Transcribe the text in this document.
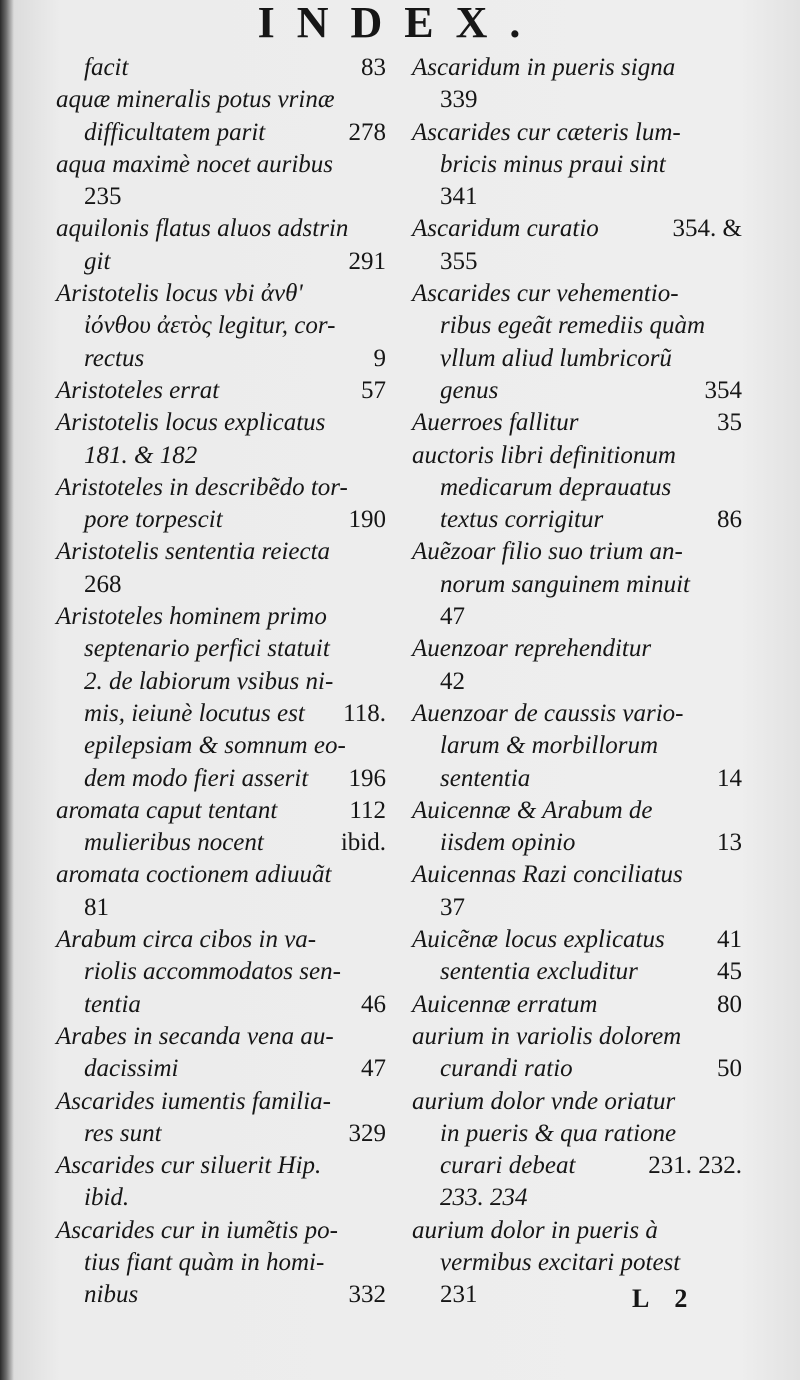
INDEX.
facit	83
aquæ mineralis potus vrinæ
difficultatem parit	278
aqua maximè nocet auribus
235
aquilonis flatus aluos adstrin
git	291
Aristotelis locus vbi ἀνθ'
ἰόνθου ἀετὸς legitur, cor-
rectus	9
Aristoteles errat	57
Aristotelis locus explicatus
181. & 182
Aristoteles in describẽdo tor-
pore torpescit	190
Aristotelis sententia reiecta
268
Aristoteles hominem primo
septenario perfici statuit
2. de labiorum vsibus ni-
mis, ieiunè locutus est 118.
epilepsiam & somnum eo-
dem modo fieri asserit 196
aromata caput tentant	112
mulieribus nocent	ibid.
aromata coctionem adiuuãt
81
Arabum circa cibos in va-
riolis accommodatos sen-
tentia	46
Arabes in secanda vena au-
dacissimi	47
Ascarides iumentis familia-
res sunt	329
Ascarides cur siluerit Hip.
ibid.
Ascarides cur in iumẽtis po-
tius fiant quàm in homi-
nibus	332
Ascaridum in pueris signa
339
Ascarides cur cæteris lum-
bricis minus praui sint
341
Ascaridum curatio	354. &
355
Ascarides cur vehementio-
ribus egeãt remediis quàm
vllum aliud lumbricorũ
genus	354
Auerroes fallitur	35
auctoris libri definitionum
medicarum deprauatus
textus corrigitur	86
Auẽzoar filio suo trium an-
norum sanguinem minuit
47
Auenzoar reprehenditur
42
Auenzoar de caussis vario-
larum & morbillorum
sententia	14
Auicennæ & Arabum de
iisdem opinio	13
Auicennas Razi conciliatus
37
Auicẽnæ locus explicatus 41
sententia excluditur	45
Auicennæ erratum	80
aurium in variolis dolorem
curandi ratio	50
aurium dolor vnde oriatur
in pueris & qua ratione
curari debeat	231. 232.
233. 234
aurium dolor in pueris à
vermibus excitari potest
231	L 2
